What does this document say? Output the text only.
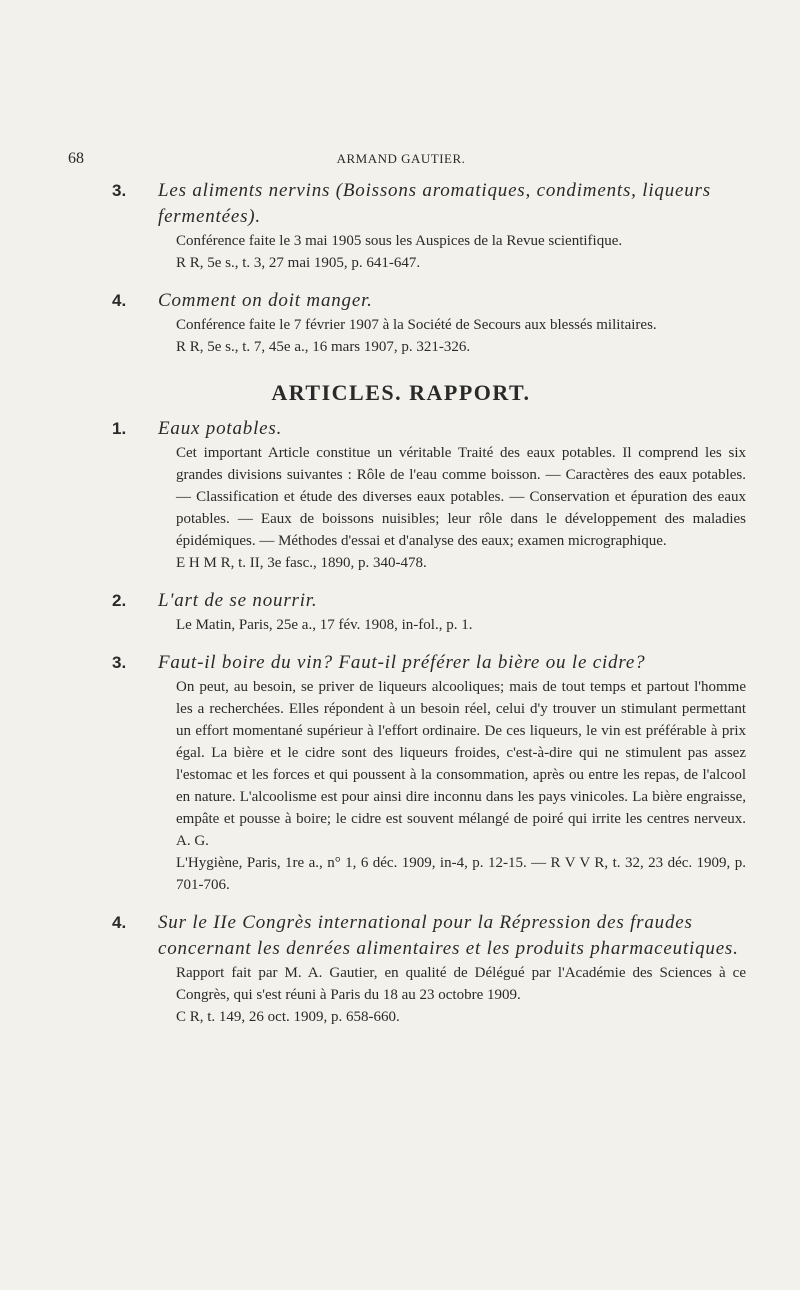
68	ARMAND GAUTIER.
3. Les aliments nervins (Boissons aromatiques, condiments, liqueurs fermentées).

Conférence faite le 3 mai 1905 sous les Auspices de la Revue scientifique.

R R, 5e s., t. 3, 27 mai 1905, p. 641-647.

4. Comment on doit manger.

Conférence faite le 7 février 1907 à la Société de Secours aux blessés militaires.

R R, 5e s., t. 7, 45e a., 16 mars 1907, p. 321-326.

ARTICLES. RAPPORT.
1. Eaux potables.

Cet important Article constitue un véritable Traité des eaux potables. Il comprend les six grandes divisions suivantes : Rôle de l'eau comme boisson. — Caractères des eaux potables. — Classification et étude des diverses eaux potables. — Conservation et épuration des eaux potables. — Eaux de boissons nuisibles; leur rôle dans le développement des maladies épidémiques. — Méthodes d'essai et d'analyse des eaux; examen micrographique.

E H M R, t. II, 3e fasc., 1890, p. 340-478.

2. L'art de se nourrir.

Le Matin, Paris, 25e a., 17 fév. 1908, in-fol., p. 1.

3. Faut-il boire du vin? Faut-il préférer la bière ou le cidre?

On peut, au besoin, se priver de liqueurs alcooliques; mais de tout temps et partout l'homme les a recherchées. Elles répondent à un besoin réel, celui d'y trouver un stimulant permettant un effort momentané supérieur à l'effort ordinaire. De ces liqueurs, le vin est préférable à prix égal. La bière et le cidre sont des liqueurs froides, c'est-à-dire qui ne stimulent pas assez l'estomac et les forces et qui poussent à la consommation, après ou entre les repas, de l'alcool en nature. L'alcoolisme est pour ainsi dire inconnu dans les pays vinicoles. La bière engraisse, empâte et pousse à boire; le cidre est souvent mélangé de poiré qui irrite les centres nerveux. A. G.

L'Hygiène, Paris, 1re a., n° 1, 6 déc. 1909, in-4, p. 12-15. — R V V R, t. 32, 23 déc. 1909, p. 701-706.

4. Sur le IIe Congrès international pour la Répression des fraudes concernant les denrées alimentaires et les produits pharmaceutiques.

Rapport fait par M. A. Gautier, en qualité de Délégué par l'Académie des Sciences à ce Congrès, qui s'est réuni à Paris du 18 au 23 octobre 1909.

C R, t. 149, 26 oct. 1909, p. 658-660.
